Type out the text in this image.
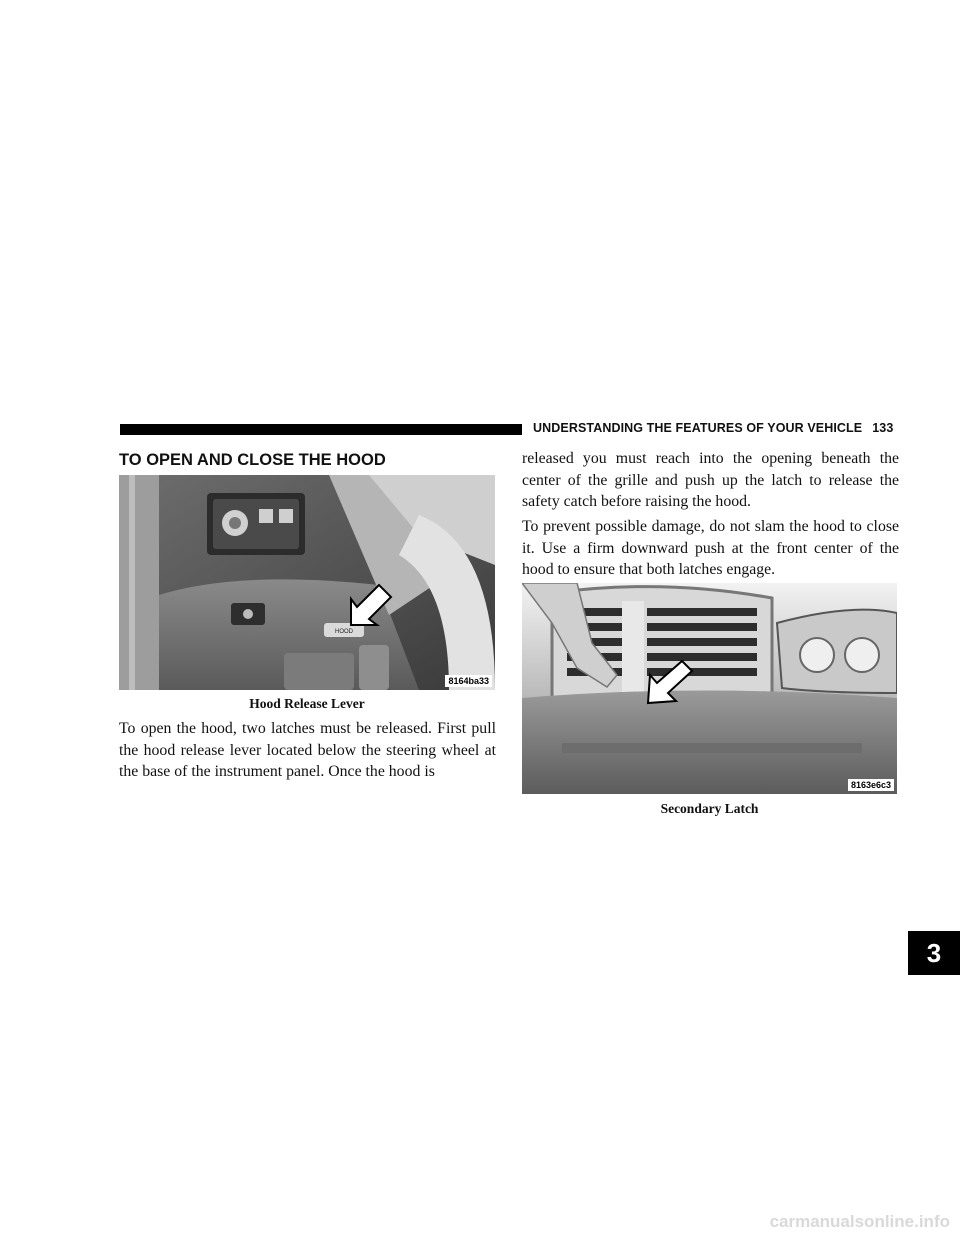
UNDERSTANDING THE FEATURES OF YOUR VEHICLE 133
TO OPEN AND CLOSE THE HOOD
HOOD
8164ba33
Hood Release Lever

To open the hood, two latches must be released. First pull the hood release lever located below the steering wheel at the base of the instrument panel. Once the hood is

released you must reach into the opening beneath the center of the grille and push up the latch to release the safety catch before raising the hood.

To prevent possible damage, do not slam the hood to close it. Use a firm downward push at the front center of the hood to ensure that both latches engage.

8163e6c3
Secondary Latch
3
carmanualsonline.info
